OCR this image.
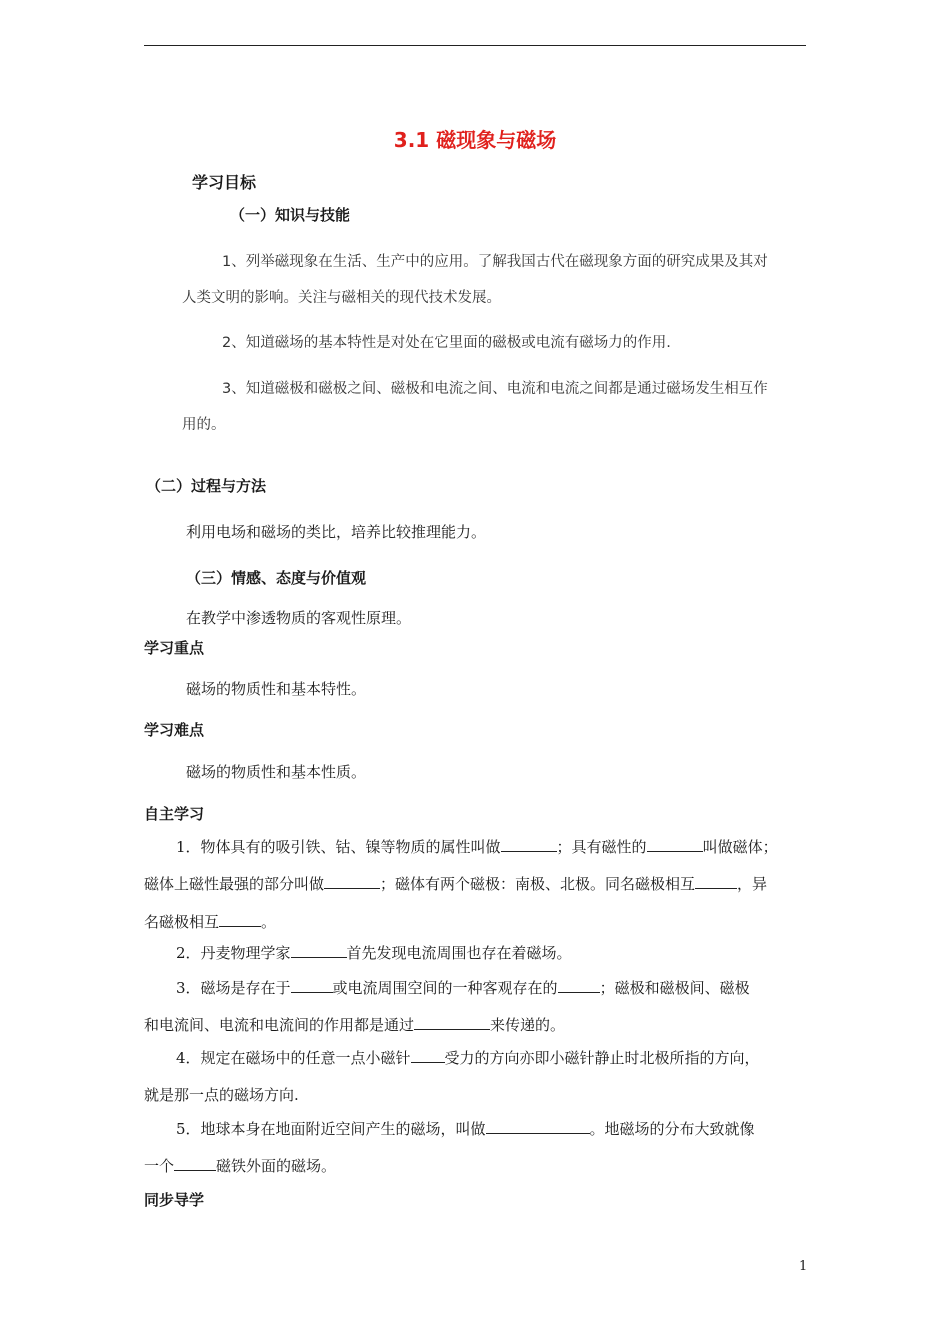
3.1 磁现象与磁场
学习目标
（一）知识与技能
1、列举磁现象在生活、生产中的应用。了解我国古代在磁现象方面的研究成果及其对
人类文明的影响。关注与磁相关的现代技术发展。
2、知道磁场的基本特性是对处在它里面的磁极或电流有磁场力的作用.
3、知道磁极和磁极之间、磁极和电流之间、电流和电流之间都是通过磁场发生相互作
用的。
（二）过程与方法
利用电场和磁场的类比，培养比较推理能力。
（三）情感、态度与价值观
在教学中渗透物质的客观性原理。
学习重点
磁场的物质性和基本特性。
学习难点
磁场的物质性和基本性质。
自主学习
1．物体具有的吸引铁、钴、镍等物质的属性叫做	；具有磁性的	叫做磁体；
磁体上磁性最强的部分叫做	；磁体有两个磁极：南极、北极。同名磁极相互	，异
名磁极相互	。
2．丹麦物理学家	首先发现电流周围也存在着磁场。
3．磁场是存在于	或电流周围空间的一种客观存在的	；磁极和磁极间、磁极
和电流间、电流和电流间的作用都是通过	来传递的。
4．规定在磁场中的任意一点小磁针 受力的方向亦即小磁针静止时北极所指的方向，
就是那一点的磁场方向.
5．地球本身在地面附近空间产生的磁场，叫做	。地磁场的分布大致就像
一个	磁铁外面的磁场。
同步导学
1
